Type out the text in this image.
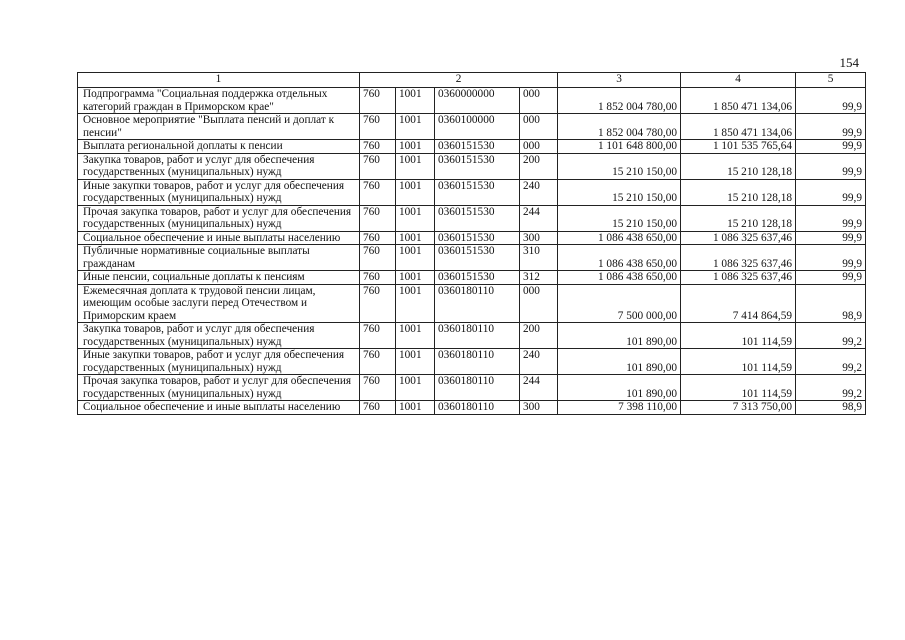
154
1	2				3	4	5
Подпрограмма "Социальная поддержка отдельных категорий граждан в Приморском крае"	760	1001	0360000000	000	1 852 004 780,00	1 850 471 134,06	99,9
Основное мероприятие "Выплата пенсий и доплат к пенсии"	760	1001	0360100000	000	1 852 004 780,00	1 850 471 134,06	99,9
Выплата региональной доплаты к пенсии	760	1001	0360151530	000	1 101 648 800,00	1 101 535 765,64	99,9
Закупка товаров, работ и услуг для обеспечения государственных (муниципальных) нужд	760	1001	0360151530	200	15 210 150,00	15 210 128,18	99,9
Иные закупки товаров, работ и услуг для обеспечения государственных (муниципальных) нужд	760	1001	0360151530	240	15 210 150,00	15 210 128,18	99,9
Прочая закупка товаров, работ и услуг для обеспечения государственных (муниципальных) нужд	760	1001	0360151530	244	15 210 150,00	15 210 128,18	99,9
Социальное обеспечение и иные выплаты населению	760	1001	0360151530	300	1 086 438 650,00	1 086 325 637,46	99,9
Публичные нормативные социальные выплаты гражданам	760	1001	0360151530	310	1 086 438 650,00	1 086 325 637,46	99,9
Иные пенсии, социальные доплаты к пенсиям	760	1001	0360151530	312	1 086 438 650,00	1 086 325 637,46	99,9
Ежемесячная доплата к трудовой пенсии лицам, имеющим особые заслуги перед Отечеством и Приморским краем	760	1001	0360180110	000	7 500 000,00	7 414 864,59	98,9
Закупка товаров, работ и услуг для обеспечения государственных (муниципальных) нужд	760	1001	0360180110	200	101 890,00	101 114,59	99,2
Иные закупки товаров, работ и услуг для обеспечения государственных (муниципальных) нужд	760	1001	0360180110	240	101 890,00	101 114,59	99,2
Прочая закупка товаров, работ и услуг для обеспечения государственных (муниципальных) нужд	760	1001	0360180110	244	101 890,00	101 114,59	99,2
Социальное обеспечение и иные выплаты населению	760	1001	0360180110	300	7 398 110,00	7 313 750,00	98,9
